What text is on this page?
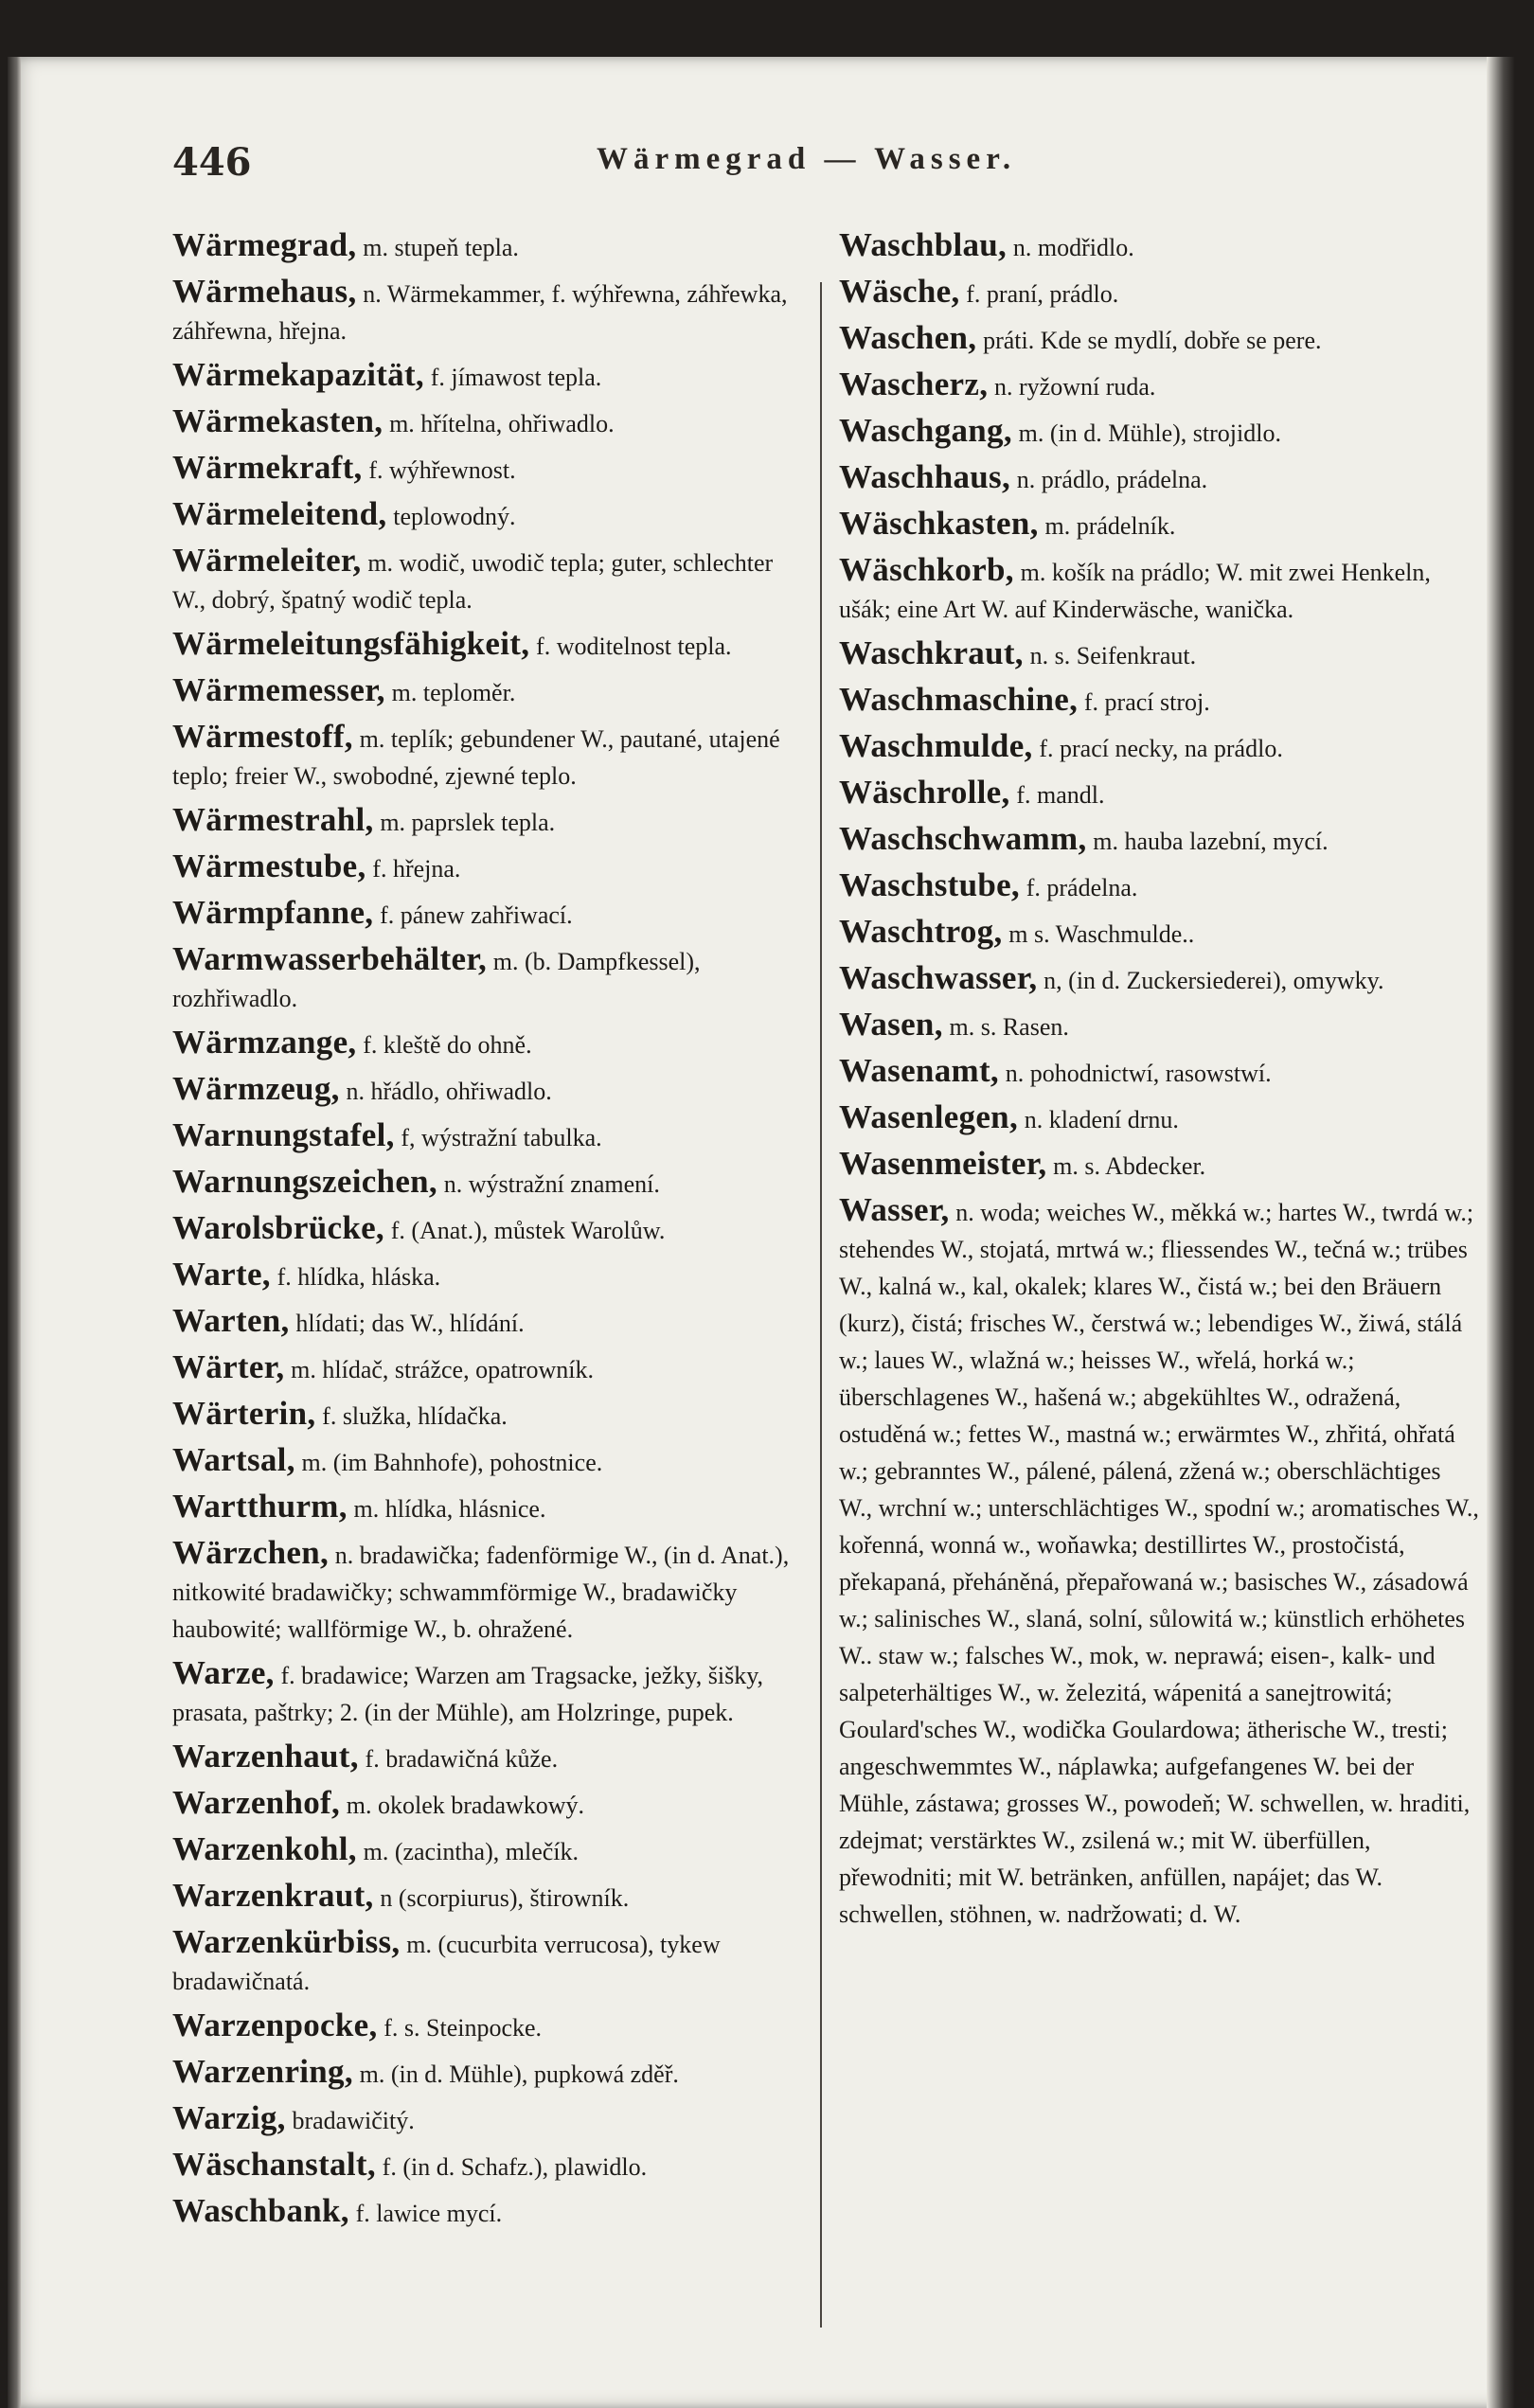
446	Wärmegrad — Wasser.
Wärmegrad, m. stupeň tepla.
Wärmehaus, n. Wärmekammer, f. wýhřewna, záhřewka, záhřewna, hřejna.
Wärmekapazität, f. jímawost tepla.
Wärmekasten, m. hřítelna, ohřiwadlo.
Wärmekraft, f. wýhřewnost.
Wärmeleitend, teplowodný.
Wärmeleiter, m. wodič, uwodič tepla; guter, schlechter W., dobrý, špatný wodič tepla.
Wärmeleitungsfähigkeit, f. woditelnost tepla.
Wärmemesser, m. teploměr.
Wärmestoff, m. teplík; gebundener W., pautané, utajené teplo; freier W., swobodné, zjewné teplo.
Wärmestrahl, m. paprslek tepla.
Wärmestube, f. hřejna.
Wärmpfanne, f. pánew zahřiwací.
Warmwasserbehälter, m. (b. Dampfkessel), rozhřiwadlo.
Wärmzange, f. kleště do ohně.
Wärmzeug, n. hřádlo, ohřiwadlo.
Warnungstafel, f, wýstražní tabulka.
Warnungszeichen, n. wýstražní znamení.
Warolsbrücke, f. (Anat.), můstek Warolůw.
Warte, f. hlídka, hláska.
Warten, hlídati; das W., hlídání.
Wärter, m. hlídač, strážce, opatrowník.
Wärterin, f. služka, hlídačka.
Wartsal, m. (im Bahnhofe), pohostnice.
Wartthurm, m. hlídka, hlásnice.
Wärzchen, n. bradawička; fadenförmige W., (in d. Anat.), nitkowité bradawičky; schwammförmige W., bradawičky haubowité; wallförmige W., b. ohražené.
Warze, f. bradawice; Warzen am Tragsacke, ježky, šišky, prasata, paštrky; 2. (in der Mühle), am Holzringe, pupek.
Warzenhaut, f. bradawičná kůže.
Warzenhof, m. okolek bradawkowý.
Warzenkohl, m. (zacintha), mlečík.
Warzenkraut, n (scorpiurus), štirowník.
Warzenkürbiss, m. (cucurbita verrucosa), tykew bradawičnatá.
Warzenpocke, f. s. Steinpocke.
Warzenring, m. (in d. Mühle), pupkowá zděř.
Warzig, bradawičitý.
Wäschanstalt, f. (in d. Schafz.), plawidlo.
Waschbank, f. lawice mycí.
Waschblau, n. modřidlo.
Wäsche, f. praní, prádlo.
Waschen, práti. Kde se mydlí, dobře se pere.
Wascherz, n. ryžowní ruda.
Waschgang, m. (in d. Mühle), strojidlo.
Waschhaus, n. prádlo, prádelna.
Wäschkasten, m. prádelník.
Wäschkorb, m. košík na prádlo; W. mit zwei Henkeln, ušák; eine Art W. auf Kinderwäsche, wanička.
Waschkraut, n. s. Seifenkraut.
Waschmaschine, f. prací stroj.
Waschmulde, f. prací necky, na prádlo.
Wäschrolle, f. mandl.
Waschschwamm, m. hauba lazební, mycí.
Waschstube, f. prádelna.
Waschtrog, m s. Waschmulde..
Waschwasser, n, (in d. Zuckersiederei), omywky.
Wasen, m. s. Rasen.
Wasenamt, n. pohodnictwí, rasowstwí.
Wasenlegen, n. kladení drnu.
Wasenmeister, m. s. Abdecker.
Wasser, n. woda; weiches W., měkká w.; hartes W., twrdá w.; stehendes W., stojatá, mrtwá w.; fliessendes W., tečná w.; trübes W., kalná w., kal, okalek; klares W., čistá w.; bei den Bräuern (kurz), čistá; frisches W., čerstwá w.; lebendiges W., žiwá, stálá w.; laues W., wlažná w.; heisses W., wřelá, horká w.; überschlagenes W., hašená w.; abgekühltes W., odražená, ostuděná w.; fettes W., mastná w.; erwärmtes W., zhřitá, ohřatá w.; gebranntes W., pálené, pálená, zžená w.; oberschlächtiges W., wrchní w.; unterschlächtiges W., spodní w.; aromatisches W., kořenná, wonná w., woňawka; destillirtes W., prostočistá, překapaná, přeháněná, přepařowaná w.; basisches W., zásadowá w.; salinisches W., slaná, solní, sůlowitá w.; künstlich erhöhetes W.. staw w.; falsches W., mok, w. neprawá; eisen-, kalk- und salpeterhältiges W., w. železitá, wápenitá a sanejtrowitá; Goulard'sches W., wodička Goulardowa; ätherische W., tresti; angeschwemmtes W., náplawka; aufgefangenes W. bei der Mühle, zástawa; grosses W., powodeň; W. schwellen, w. hraditi, zdejmat; verstärktes W., zsilená w.; mit W. überfüllen, přewodniti; mit W. betränken, anfüllen, napájet; das W. schwellen, stöhnen, w. nadržowati; d. W.
